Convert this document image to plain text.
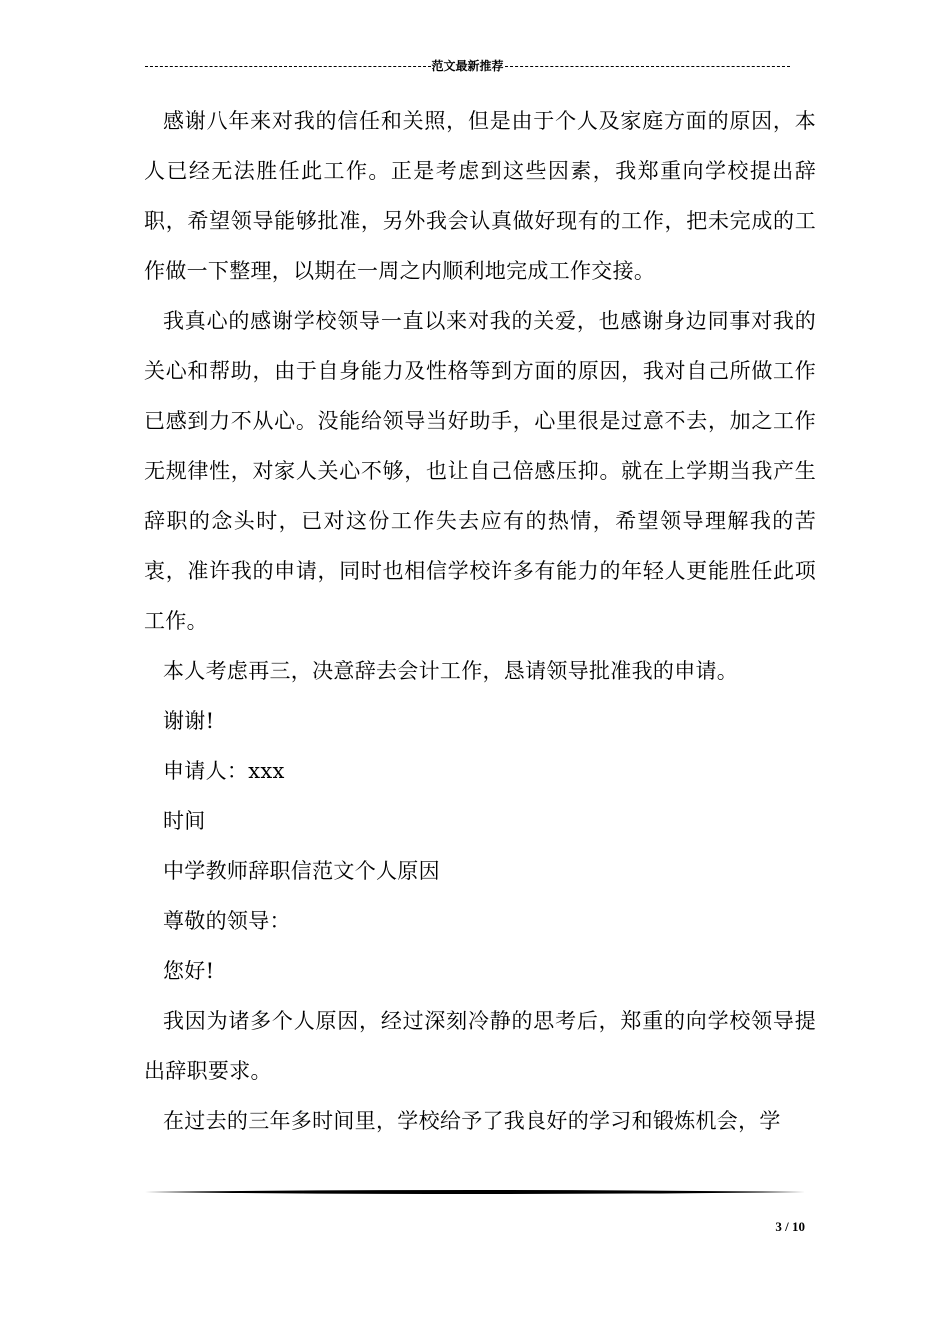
范文最新推荐

感谢八年来对我的信任和关照，但是由于个人及家庭方面的原因，本人已经无法胜任此工作。正是考虑到这些因素，我郑重向学校提出辞职，希望领导能够批准，另外我会认真做好现有的工作，把未完成的工作做一下整理，以期在一周之内顺利地完成工作交接。

我真心的感谢学校领导一直以来对我的关爱，也感谢身边同事对我的关心和帮助，由于自身能力及性格等到方面的原因，我对自己所做工作已感到力不从心。没能给领导当好助手，心里很是过意不去，加之工作无规律性，对家人关心不够，也让自己倍感压抑。就在上学期当我产生辞职的念头时，已对这份工作失去应有的热情，希望领导理解我的苦衷，准许我的申请，同时也相信学校许多有能力的年轻人更能胜任此项工作。

本人考虑再三，决意辞去会计工作，恳请领导批准我的申请。

谢谢!

申请人：xxx

时间

中学教师辞职信范文个人原因

尊敬的领导：

您好!

我因为诸多个人原因，经过深刻冷静的思考后，郑重的向学校领导提出辞职要求。

在过去的三年多时间里，学校给予了我良好的学习和锻炼机会，学

3 / 10
